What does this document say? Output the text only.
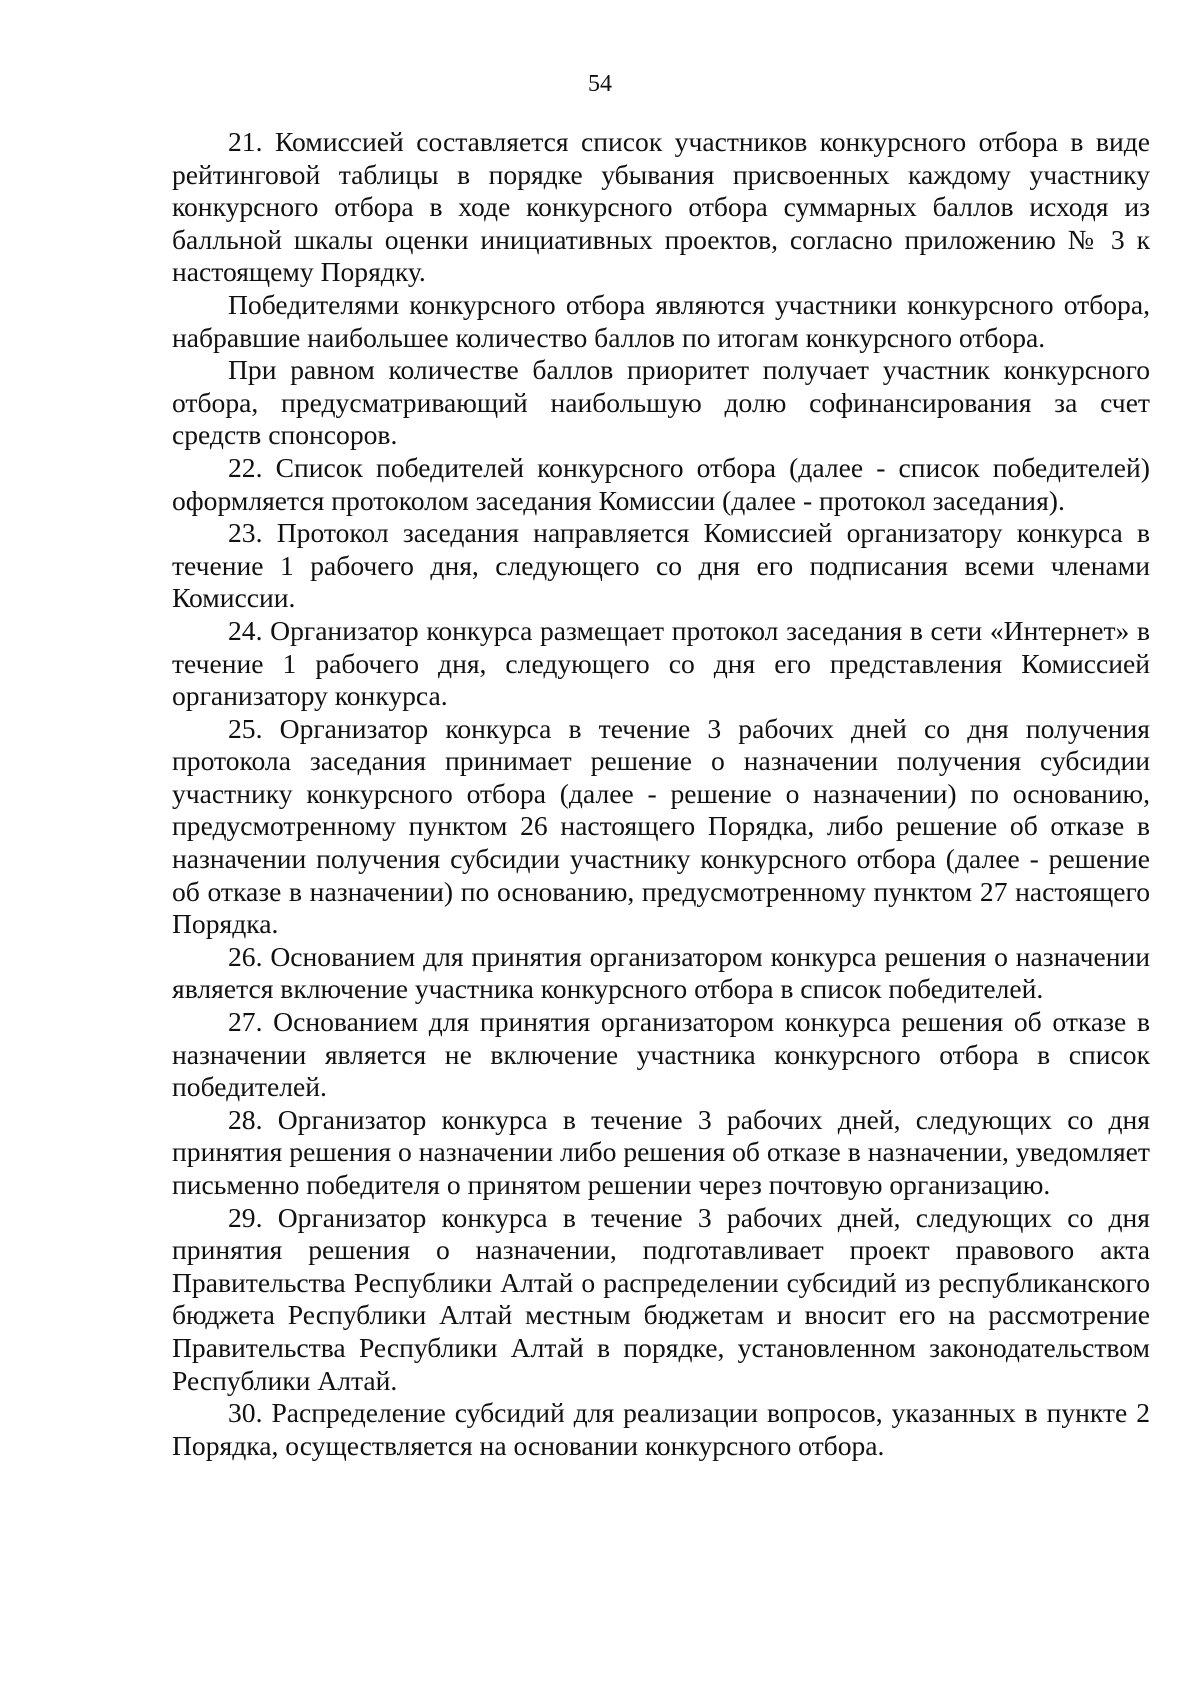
54

21. Комиссией составляется список участников конкурсного отбора в виде рейтинговой таблицы в порядке убывания присвоенных каждому участнику конкурсного отбора в ходе конкурсного отбора суммарных баллов исходя из балльной шкалы оценки инициативных проектов, согласно приложению № 3 к настоящему Порядку.

Победителями конкурсного отбора являются участники конкурсного отбора, набравшие наибольшее количество баллов по итогам конкурсного отбора.

При равном количестве баллов приоритет получает участник конкурсного отбора, предусматривающий наибольшую долю софинансирования за счет средств спонсоров.

22. Список победителей конкурсного отбора (далее - список победителей) оформляется протоколом заседания Комиссии (далее - протокол заседания).

23. Протокол заседания направляется Комиссией организатору конкурса в течение 1 рабочего дня, следующего со дня его подписания всеми членами Комиссии.

24. Организатор конкурса размещает протокол заседания в сети «Интернет» в течение 1 рабочего дня, следующего со дня его представления Комиссией организатору конкурса.

25. Организатор конкурса в течение 3 рабочих дней со дня получения протокола заседания принимает решение о назначении получения субсидии участнику конкурсного отбора (далее - решение о назначении) по основанию, предусмотренному пунктом 26 настоящего Порядка, либо решение об отказе в назначении получения субсидии участнику конкурсного отбора (далее - решение об отказе в назначении) по основанию, предусмотренному пунктом 27 настоящего Порядка.

26. Основанием для принятия организатором конкурса решения о назначении является включение участника конкурсного отбора в список победителей.

27. Основанием для принятия организатором конкурса решения об отказе в назначении является не включение участника конкурсного отбора в список победителей.

28. Организатор конкурса в течение 3 рабочих дней, следующих со дня принятия решения о назначении либо решения об отказе в назначении, уведомляет письменно победителя о принятом решении через почтовую организацию.

29. Организатор конкурса в течение 3 рабочих дней, следующих со дня принятия решения о назначении, подготавливает проект правового акта Правительства Республики Алтай о распределении субсидий из республиканского бюджета Республики Алтай местным бюджетам и вносит его на рассмотрение Правительства Республики Алтай в порядке, установленном законодательством Республики Алтай.

30. Распределение субсидий для реализации вопросов, указанных в пункте 2 Порядка, осуществляется на основании конкурсного отбора.
